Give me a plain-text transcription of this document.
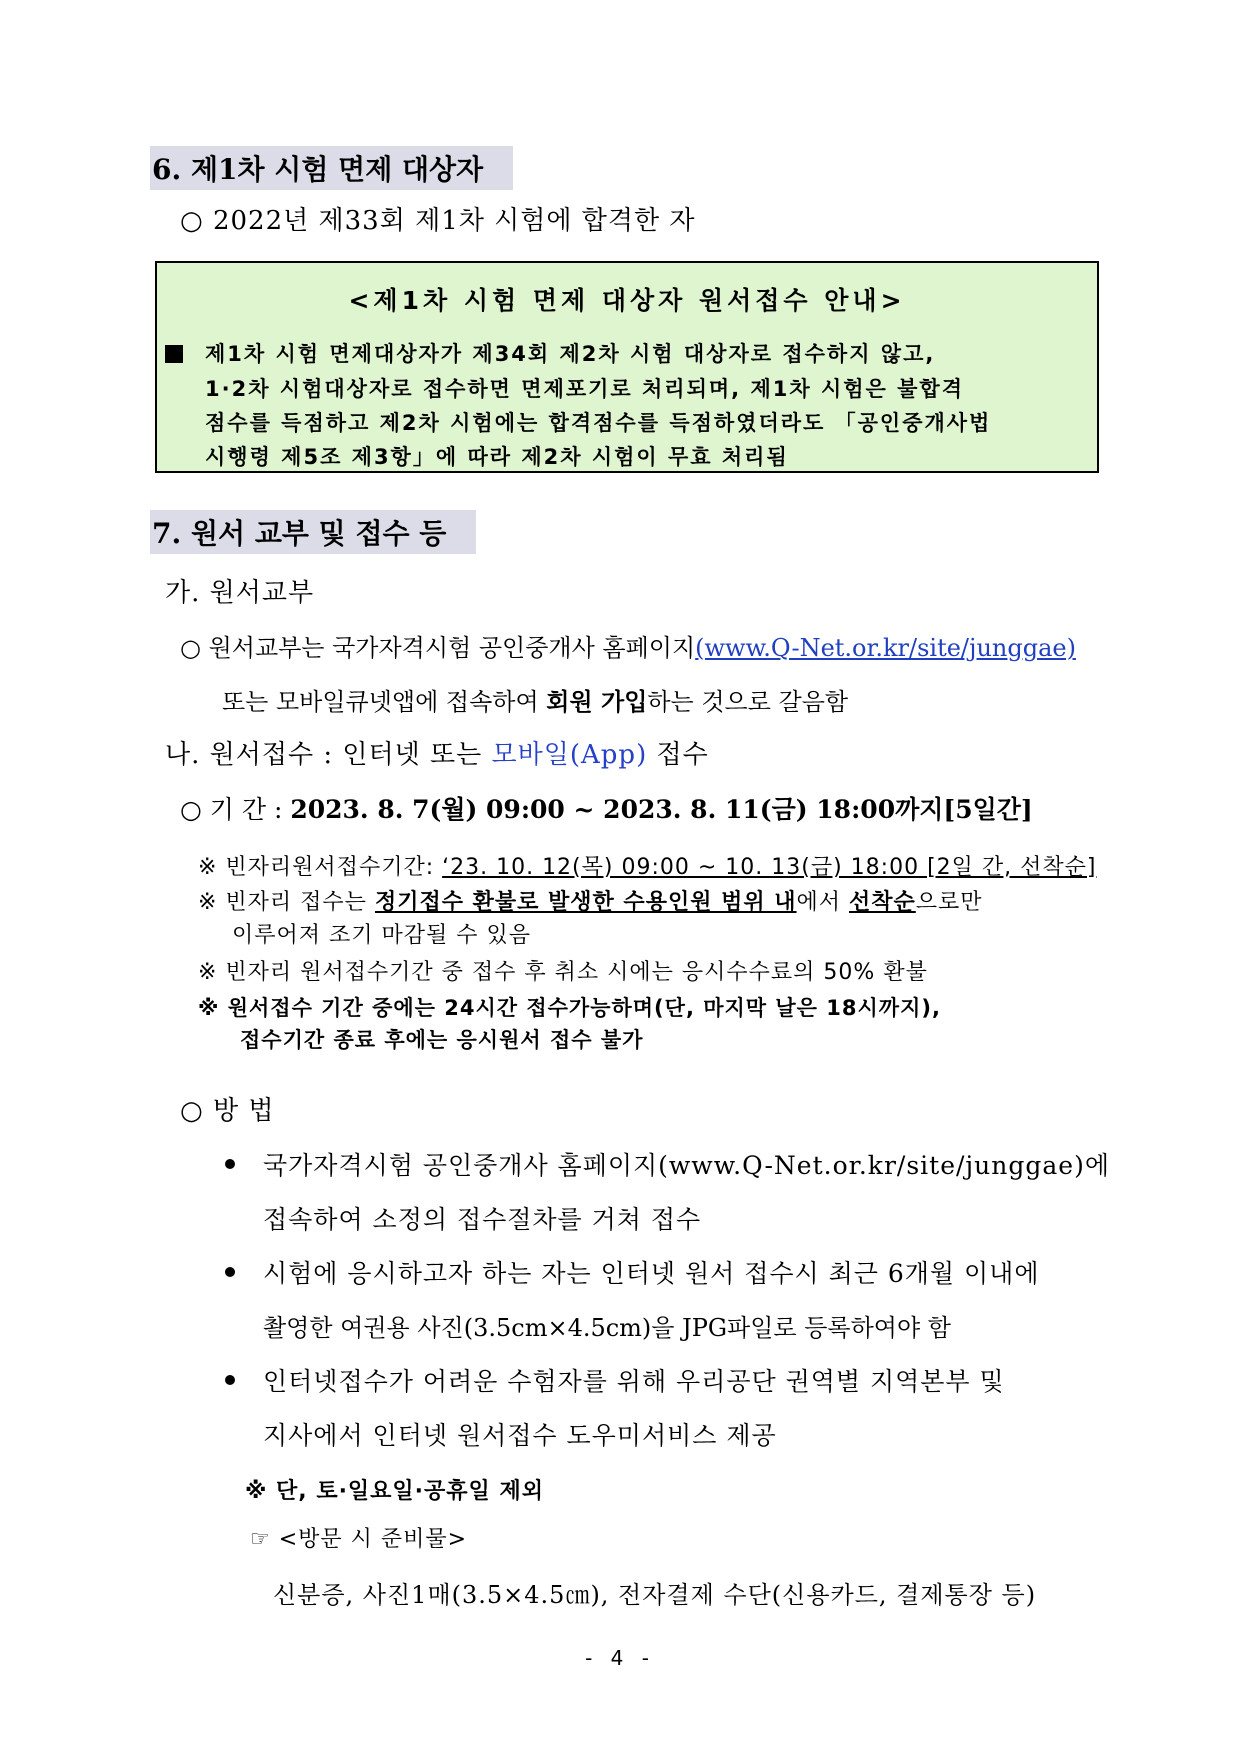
6. 제1차 시험 면제 대상자
○ 2022년 제33회 제1차 시험에 합격한 자
<제1차 시험 면제 대상자 원서접수 안내>
제1차 시험 면제대상자가 제34회 제2차 시험 대상자로 접수하지 않고,
1·2차 시험대상자로 접수하면 면제포기로 처리되며, 제1차 시험은 불합격
점수를 득점하고 제2차 시험에는 합격점수를 득점하였더라도 「공인중개사법
시행령 제5조 제3항」에 따라 제2차 시험이 무효 처리됨
7. 원서 교부 및 접수 등
가. 원서교부
○ 원서교부는 국가자격시험 공인중개사 홈페이지(www.Q-Net.or.kr/site/junggae)
또는 모바일큐넷앱에 접속하여 회원 가입하는 것으로 갈음함
나. 원서접수 : 인터넷 또는 모바일(App) 접수
○ 기 간 : 2023. 8. 7(월) 09:00 ~ 2023. 8. 11(금) 18:00까지[5일간]
※ 빈자리원서접수기간: ‘23. 10. 12(목) 09:00 ~ 10. 13(금) 18:00 [2일 간, 선착순]
※ 빈자리 접수는 정기접수 환불로 발생한 수용인원 범위 내에서 선착순으로만
이루어져 조기 마감될 수 있음
※ 빈자리 원서접수기간 중 접수 후 취소 시에는 응시수수료의 50% 환불
※ 원서접수 기간 중에는 24시간 접수가능하며(단, 마지막 날은 18시까지),
접수기간 종료 후에는 응시원서 접수 불가
○ 방 법
국가자격시험 공인중개사 홈페이지(www.Q-Net.or.kr/site/junggae)에
접속하여 소정의 접수절차를 거쳐 접수
시험에 응시하고자 하는 자는 인터넷 원서 접수시 최근 6개월 이내에
촬영한 여권용 사진(3.5cm×4.5cm)을 JPG파일로 등록하여야 함
인터넷접수가 어려운 수험자를 위해 우리공단 권역별 지역본부 및
지사에서 인터넷 원서접수 도우미서비스 제공
※ 단, 토·일요일·공휴일 제외
☞ <방문 시 준비물>
신분증, 사진1매(3.5×4.5㎝), 전자결제 수단(신용카드, 결제통장 등)
- 4 -
